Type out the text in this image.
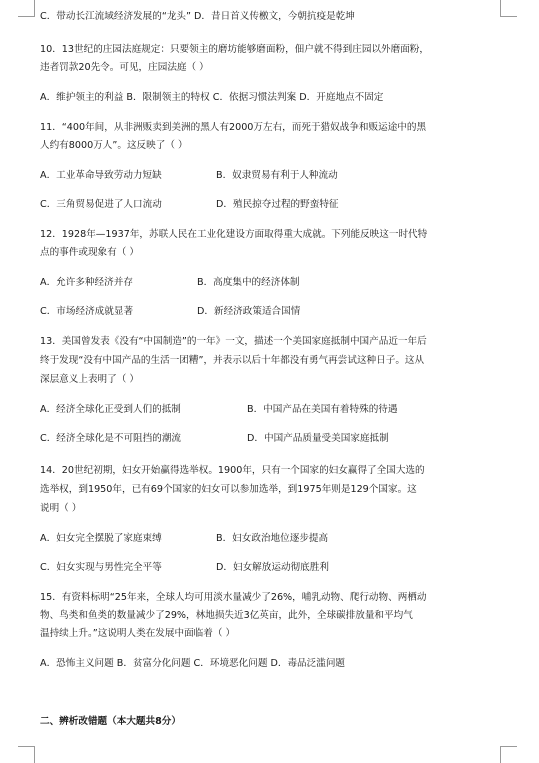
C．带动长江流域经济发展的“龙头” D．昔日首义传檄文，今朝抗疫是乾坤
10．13世纪的庄园法庭规定：只要领主的磨坊能够磨面粉，佃户就不得到庄园以外磨面粉，
违者罚款20先令。可见，庄园法庭（ ）
A．维护领主的利益 B．限制领主的特权 C．依据习惯法判案 D．开庭地点不固定
11．“400年间，从非洲贩卖到美洲的黑人有2000万左右，而死于猎奴战争和贩运途中的黑
人约有8000万人”。这反映了（ ）
A．工业革命导致劳动力短缺	B．奴隶贸易有利于人种流动
C．三角贸易促进了人口流动	D．殖民掠夺过程的野蛮特征
12．1928年—1937年，苏联人民在工业化建设方面取得重大成就。下列能反映这一时代特
点的事件或现象有（ ）
A．允许多种经济并存	B．高度集中的经济体制
C．市场经济成就显著	D．新经济政策适合国情
13．美国曾发表《没有“中国制造”的一年》一文，描述一个美国家庭抵制中国产品近一年后
终于发现“没有中国产品的生活一团糟”，并表示以后十年都没有勇气再尝试这种日子。这从
深层意义上表明了（ ）
A．经济全球化正受到人们的抵制	B．中国产品在美国有着特殊的待遇
C．经济全球化是不可阻挡的潮流	D．中国产品质量受美国家庭抵制
14．20世纪初期，妇女开始赢得选举权。1900年，只有一个国家的妇女赢得了全国大选的
选举权，到1950年，已有69个国家的妇女可以参加选举，到1975年则是129个国家。这
说明（ ）
A．妇女完全摆脱了家庭束缚	B．妇女政治地位逐步提高
C．妇女实现与男性完全平等	D．妇女解放运动彻底胜利
15．有资料标明“25年来，全球人均可用淡水量减少了26%，哺乳动物、爬行动物、两栖动
物、鸟类和鱼类的数量减少了29%，林地损失近3亿英亩，此外，全球碳排放量和平均气
温持续上升。”这说明人类在发展中面临着（ ）
A．恐怖主义问题 B．贫富分化问题 C．环境恶化问题 D．毒品泛滥问题
二、辨析改错题（本大题共8分）
